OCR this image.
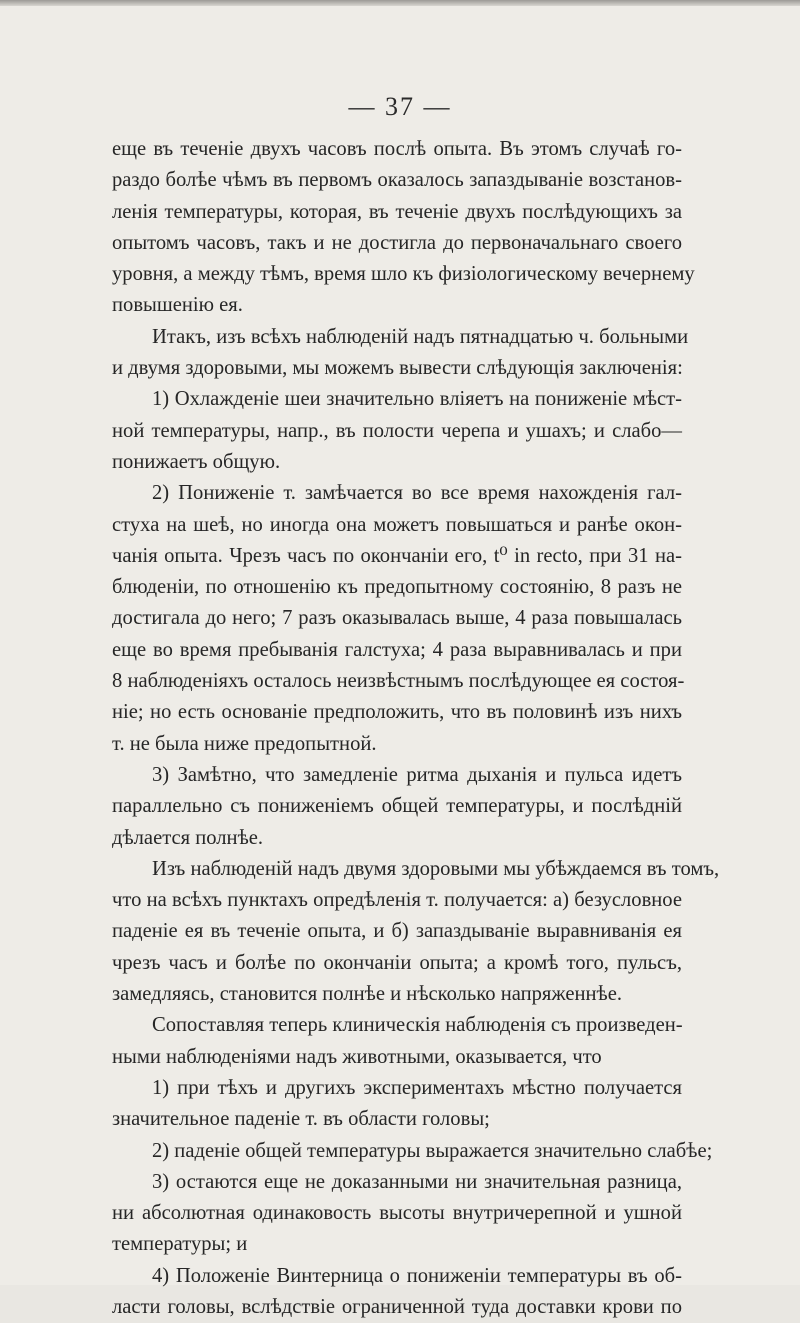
— 37 —
еще въ теченіе двухъ часовъ послѣ опыта. Въ этомъ случаѣ го-
раздо болѣе чѣмъ въ первомъ оказалось запаздываніе возстанов-
ленія температуры, которая, въ теченіе двухъ послѣдующихъ за
опытомъ часовъ, такъ и не достигла до первоначальнаго своего
уровня, а между тѣмъ, время шло къ физіологическому вечернему
повышенію ея.
Итакъ, изъ всѣхъ наблюденій надъ пятнадцатью ч. больными
и двумя здоровыми, мы можемъ вывести слѣдующія заключенія:
1) Охлажденіе шеи значительно вліяетъ на пониженіе мѣст-
ной температуры, напр., въ полости черепа и ушахъ; и слабо—
понижаетъ общую.
2) Пониженіе т. замѣчается во все время нахожденія гал-
стуха на шеѣ, но иногда она можетъ повышаться и ранѣе окон-
чанія опыта. Чрезъ часъ по окончаніи его, t⁰ in recto, при 31 на-
блюденіи, по отношенію къ предопытному состоянію, 8 разъ не
достигала до него; 7 разъ оказывалась выше, 4 раза повышалась
еще во время пребыванія галстуха; 4 раза выравнивалась и при
8 наблюденіяхъ осталось неизвѣстнымъ послѣдующее ея состоя-
ніе; но есть основаніе предположить, что въ половинѣ изъ нихъ
т. не была ниже предопытной.
3) Замѣтно, что замедленіе ритма дыханія и пульса идетъ
параллельно съ пониженіемъ общей температуры, и послѣдній
дѣлается полнѣе.
Изъ наблюденій надъ двумя здоровыми мы убѣждаемся въ томъ,
что на всѣхъ пунктахъ опредѣленія т. получается: а) безусловное
паденіе ея въ теченіе опыта, и б) запаздываніе выравниванія ея
чрезъ часъ и болѣе по окончаніи опыта; а кромѣ того, пульсъ,
замедляясь, становится полнѣе и нѣсколько напряженнѣе.
Сопоставляя теперь клиническія наблюденія съ произведен-
ными наблюденіями надъ животными, оказывается, что
1) при тѣхъ и другихъ экспериментахъ мѣстно получается
значительное паденіе т. въ области головы;
2) паденіе общей температуры выражается значительно слабѣе;
3) остаются еще не доказанными ни значительная разница,
ни абсолютная одинаковость высоты внутричерепной и ушной
температуры; и
4) Положеніе Винтерница о пониженіи температуры въ об-
ласти головы, вслѣдствіе ограниченной туда доставки крови по
